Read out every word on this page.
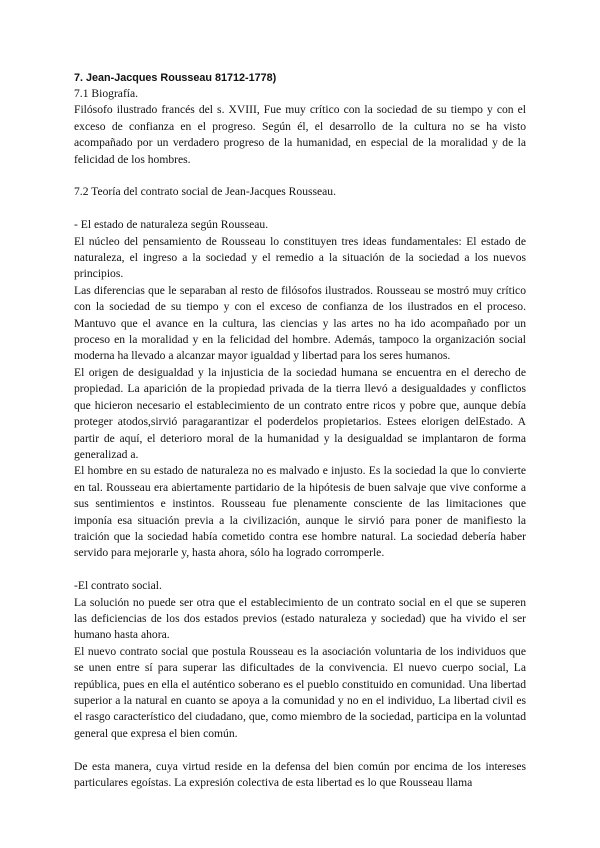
7. Jean-Jacques Rousseau 81712-1778)
7.1 Biografía.

Filósofo ilustrado francés del s. XVIII, Fue muy crítico con la sociedad de su tiempo y con el exceso de confianza en el progreso. Según él, el desarrollo de la cultura no se ha visto acompañado por un verdadero progreso de la humanidad, en especial de la moralidad y de la felicidad de los hombres.

7.2 Teoría del contrato social de Jean-Jacques Rousseau.
- El estado de naturaleza según Rousseau.

El núcleo del pensamiento de Rousseau lo constituyen tres ideas fundamentales: El estado de naturaleza, el ingreso a la sociedad y el remedio a la situación de la sociedad a los nuevos principios.

Las diferencias que le separaban al resto de filósofos ilustrados. Rousseau se mostró muy crítico con la sociedad de su tiempo y con el exceso de confianza de los ilustrados en el proceso. Mantuvo que el avance en la cultura, las ciencias y las artes no ha ido acompañado por un proceso en la moralidad y en la felicidad del hombre. Además, tampoco la organización social moderna ha llevado a alcanzar mayor igualdad y libertad para los seres humanos.

El origen de desigualdad y la injusticia de la sociedad humana se encuentra en el derecho de propiedad. La aparición de la propiedad privada de la tierra llevó a desigualdades y conflictos que hicieron necesario el establecimiento de un contrato entre ricos y pobre que, aunque debía proteger atodos,sirvió paragarantizar el poderdelos propietarios. Estees elorigen delEstado. A partir de aquí, el deterioro moral de la humanidad y la desigualdad se implantaron de forma generalizad a.

El hombre en su estado de naturaleza no es malvado e injusto. Es la sociedad la que lo convierte en tal. Rousseau era abiertamente partidario de la hipótesis de buen salvaje que vive conforme a sus sentimientos e instintos. Rousseau fue plenamente consciente de las limitaciones que imponía esa situación previa a la civilización, aunque le sirvió para poner de manifiesto la traición que la sociedad había cometido contra ese hombre natural. La sociedad debería haber servido para mejorarle y, hasta ahora, sólo ha logrado corromperle.

-El contrato social.

La solución no puede ser otra que el establecimiento de un contrato social en el que se superen las deficiencias de los dos estados previos (estado naturaleza y sociedad) que ha vivido el ser humano hasta ahora.

El nuevo contrato social que postula Rousseau es la asociación voluntaria de los individuos que se unen entre sí para superar las dificultades de la convivencia. El nuevo cuerpo social, La república, pues en ella el auténtico soberano es el pueblo constituido en comunidad. Una libertad superior a la natural en cuanto se apoya a la comunidad y no en el individuo, La libertad civil es el rasgo característico del ciudadano, que, como miembro de la sociedad, participa en la voluntad general que expresa el bien común.

De esta manera, cuya virtud reside en la defensa del bien común por encima de los intereses particulares egoístas. La expresión colectiva de esta libertad es lo que Rousseau llama
